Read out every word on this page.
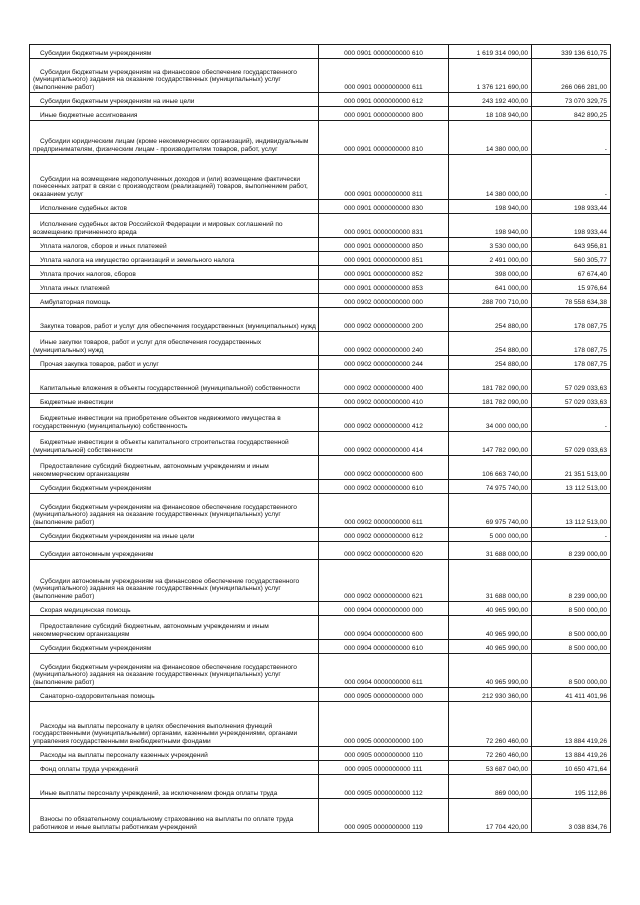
Субсидии бюджетным учреждениям	000 0901 0000000000 610	1 619 314 090,00	339 136 610,75
Субсидии бюджетным учреждениям на финансовое обеспечение государственного (муниципального) задания на оказание государственных (муниципальных) услуг (выполнение работ)	000 0901 0000000000 611	1 376 121 690,00	266 066 281,00
Субсидии бюджетным учреждениям на иные цели	000 0901 0000000000 612	243 192 400,00	73 070 329,75
Иные бюджетные ассигнования	000 0901 0000000000 800	18 108 940,00	842 890,25
Субсидии юридическим лицам (кроме некоммерческих организаций), индивидуальным предпринимателям, физическим лицам - производителям товаров, работ, услуг	000 0901 0000000000 810	14 380 000,00	-
Субсидии на возмещение недополученных доходов и (или) возмещение фактически понесенных затрат в связи с производством (реализацией) товаров, выполнением работ, оказанием услуг	000 0901 0000000000 811	14 380 000,00	-
Исполнение судебных актов	000 0901 0000000000 830	198 940,00	198 933,44
Исполнение судебных актов Российской Федерации и мировых соглашений по возмещению причиненного вреда	000 0901 0000000000 831	198 940,00	198 933,44
Уплата налогов, сборов и иных платежей	000 0901 0000000000 850	3 530 000,00	643 956,81
Уплата налога на имущество организаций и земельного налога	000 0901 0000000000 851	2 491 000,00	560 305,77
Уплата прочих налогов, сборов	000 0901 0000000000 852	398 000,00	67 674,40
Уплата иных платежей	000 0901 0000000000 853	641 000,00	15 976,64
Амбулаторная помощь	000 0902 0000000000 000	288 700 710,00	78 558 634,38
Закупка товаров, работ и услуг для обеспечения государственных (муниципальных) нужд	000 0902 0000000000 200	254 880,00	178 087,75
Иные закупки товаров, работ и услуг для обеспечения государственных (муниципальных) нужд	000 0902 0000000000 240	254 880,00	178 087,75
Прочая закупка товаров, работ и услуг	000 0902 0000000000 244	254 880,00	178 087,75
Капитальные вложения в объекты государственной (муниципальной) собственности	000 0902 0000000000 400	181 782 090,00	57 029 033,63
Бюджетные инвестиции	000 0902 0000000000 410	181 782 090,00	57 029 033,63
Бюджетные инвестиции на приобретение объектов недвижимого имущества в государственную (муниципальную) собственность	000 0902 0000000000 412	34 000 000,00	-
Бюджетные инвестиции в объекты капитального строительства государственной (муниципальной) собственности	000 0902 0000000000 414	147 782 090,00	57 029 033,63
Предоставление субсидий бюджетным, автономным учреждениям и иным некоммерческим организациям	000 0902 0000000000 600	106 663 740,00	21 351 513,00
Субсидии бюджетным учреждениям	000 0902 0000000000 610	74 975 740,00	13 112 513,00
Субсидии бюджетным учреждениям на финансовое обеспечение государственного (муниципального) задания на оказание государственных (муниципальных) услуг (выполнение работ)	000 0902 0000000000 611	69 975 740,00	13 112 513,00
Субсидии бюджетным учреждениям на иные цели	000 0902 0000000000 612	5 000 000,00	-
Субсидии автономным учреждениям	000 0902 0000000000 620	31 688 000,00	8 239 000,00
Субсидии автономным учреждениям на финансовое обеспечение государственного (муниципального) задания на оказание государственных (муниципальных) услуг (выполнение работ)	000 0902 0000000000 621	31 688 000,00	8 239 000,00
Скорая медицинская помощь	000 0904 0000000000 000	40 965 990,00	8 500 000,00
Предоставление субсидий бюджетным, автономным учреждениям и иным некоммерческим организациям	000 0904 0000000000 600	40 965 990,00	8 500 000,00
Субсидии бюджетным учреждениям	000 0904 0000000000 610	40 965 990,00	8 500 000,00
Субсидии бюджетным учреждениям на финансовое обеспечение государственного (муниципального) задания на оказание государственных (муниципальных) услуг (выполнение работ)	000 0904 0000000000 611	40 965 990,00	8 500 000,00
Санаторно-оздоровительная помощь	000 0905 0000000000 000	212 930 360,00	41 411 401,96
Расходы на выплаты персоналу в целях обеспечения выполнения функций государственными (муниципальными) органами, казенными учреждениями, органами управления государственными внебюджетными фондами	000 0905 0000000000 100	72 260 460,00	13 884 419,26
Расходы на выплаты персоналу казенных учреждений	000 0905 0000000000 110	72 260 460,00	13 884 419,26
Фонд оплаты труда учреждений	000 0905 0000000000 111	53 687 040,00	10 650 471,64
Иные выплаты персоналу учреждений, за исключением фонда оплаты труда	000 0905 0000000000 112	869 000,00	195 112,86
Взносы по обязательному социальному страхованию на выплаты по оплате труда работников и иные выплаты работникам учреждений	000 0905 0000000000 119	17 704 420,00	3 038 834,76
